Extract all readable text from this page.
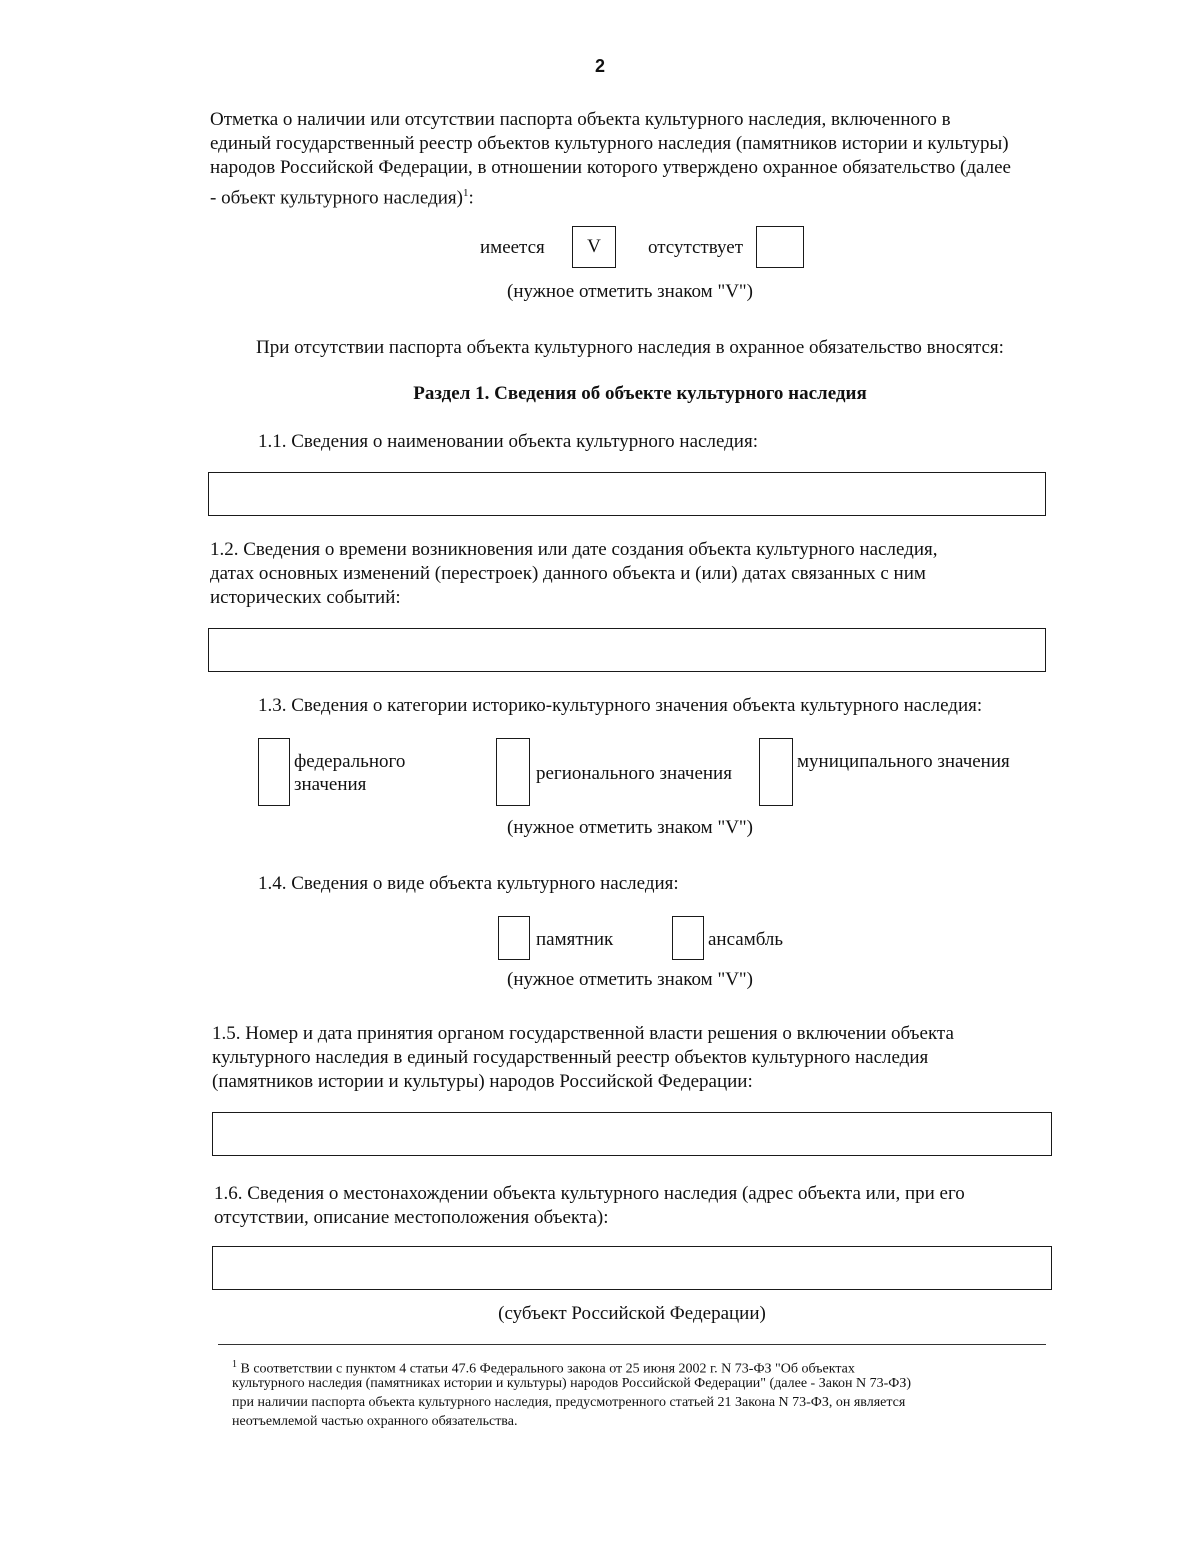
2
Отметка о наличии или отсутствии паспорта объекта культурного наследия, включенного в
единый государственный реестр объектов культурного наследия (памятников истории и культуры)
народов Российской Федерации, в отношении которого утверждено охранное обязательство (далее
- объект культурного наследия)$^1$:
имеется	V	отсутствует
(нужное отметить знаком "V")
При отсутствии паспорта объекта культурного наследия в охранное обязательство вносятся:
Раздел 1. Сведения об объекте культурного наследия
1.1. Сведения о наименовании объекта культурного наследия:
1.2. Сведения о времени возникновения или дате создания объекта культурного наследия,
датах основных изменений (перестроек) данного объекта и (или) датах связанных с ним
исторических событий:
1.3. Сведения о категории историко-культурного значения объекта культурного наследия:
федерального
значения
регионального значения
муниципального значения
(нужное отметить знаком "V")
1.4. Сведения о виде объекта культурного наследия:
памятник	ансамбль
(нужное отметить знаком "V")
1.5. Номер и дата принятия органом государственной власти решения о включении объекта
культурного наследия в единый государственный реестр объектов культурного наследия
(памятников истории и культуры) народов Российской Федерации:
1.6. Сведения о местонахождении объекта культурного наследия (адрес объекта или, при его
отсутствии, описание местоположения объекта):
(субъект Российской Федерации)
$^1$ В соответствии с пунктом 4 статьи 47.6 Федерального закона от 25 июня 2002 г. N 73-ФЗ "Об объектах
культурного наследия (памятниках истории и культуры) народов Российской Федерации" (далее - Закон N 73-ФЗ)
при наличии паспорта объекта культурного наследия, предусмотренного статьей 21 Закона N 73-ФЗ, он является
неотъемлемой частью охранного обязательства.
